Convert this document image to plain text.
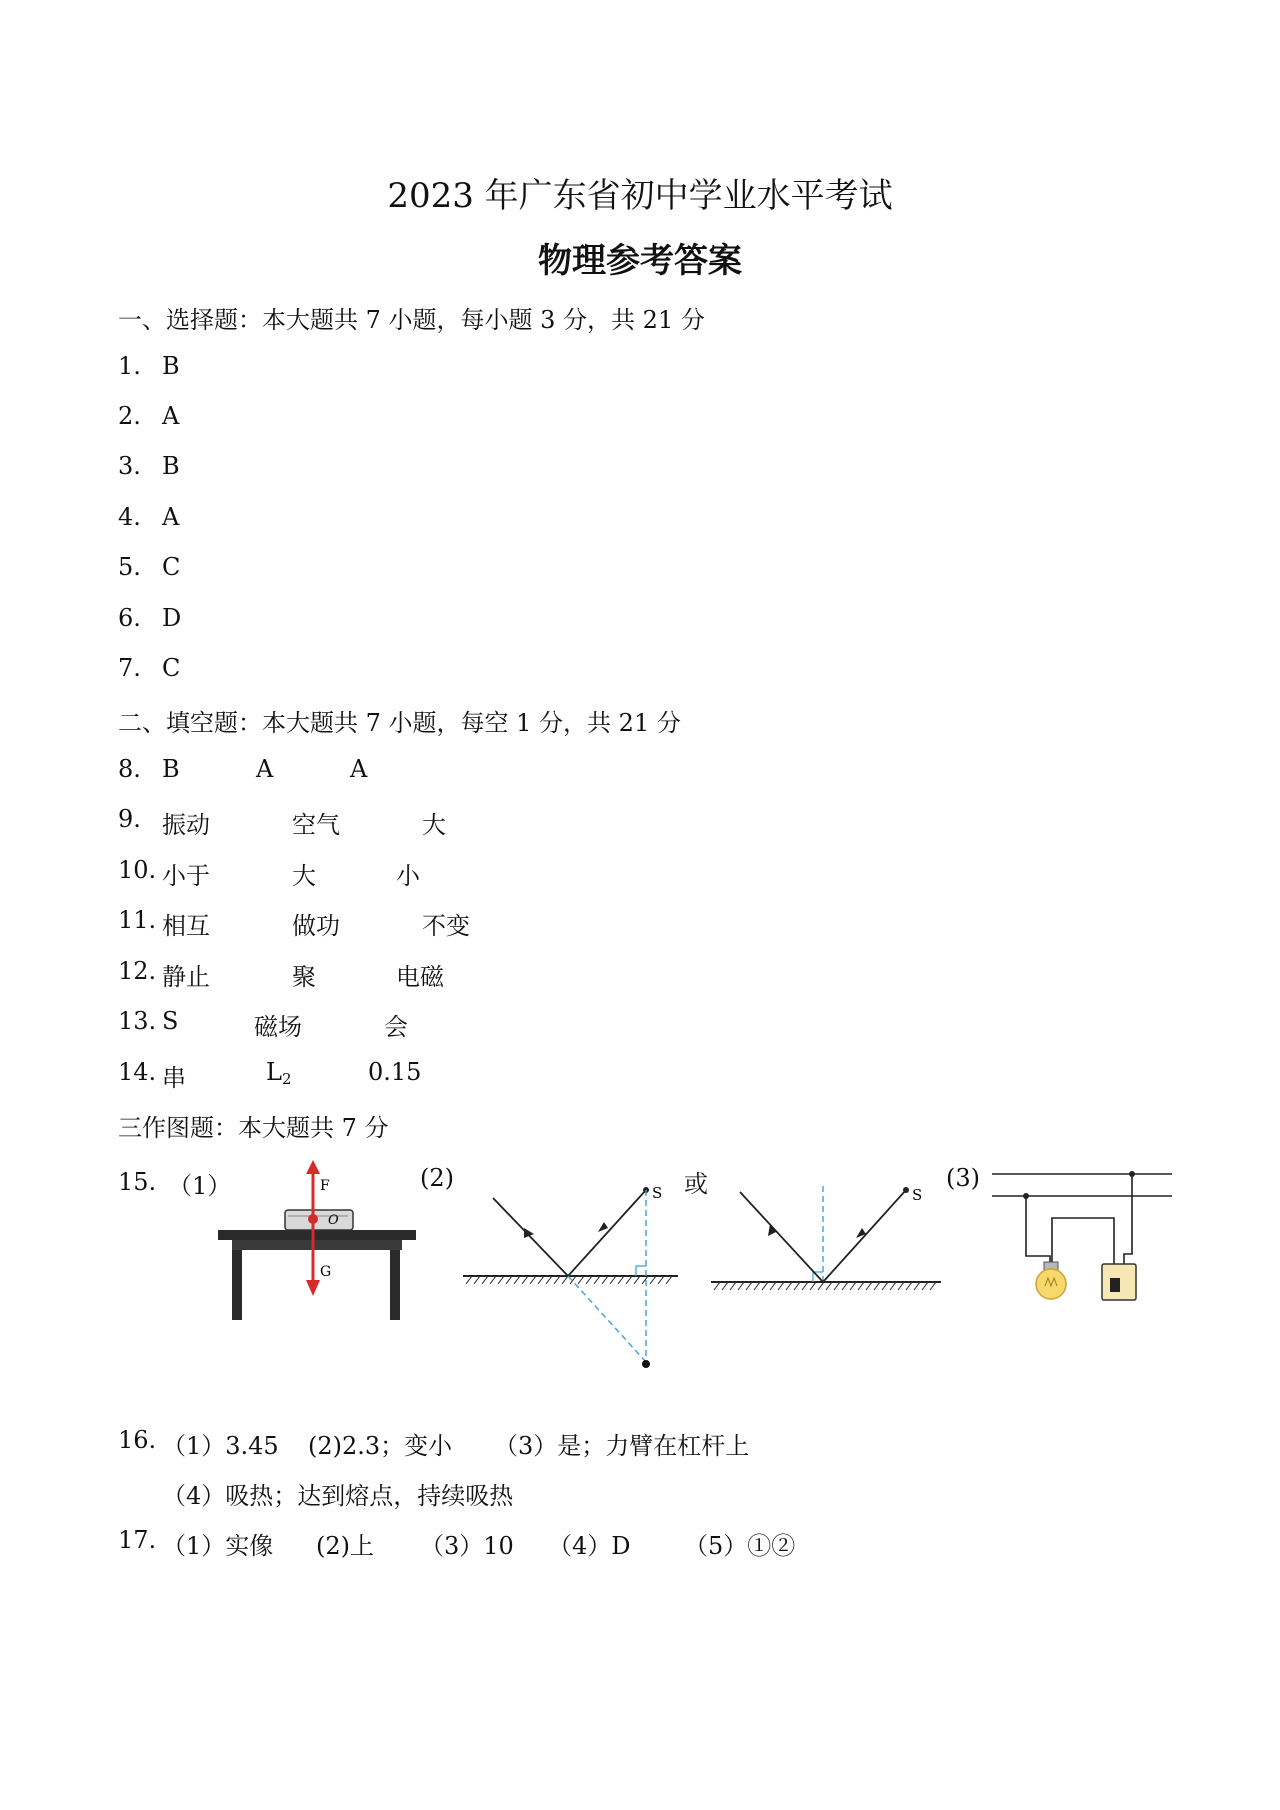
2023 年广东省初中学业水平考试
物理参考答案
一、选择题：本大题共 7 小题，每小题 3 分，共 21 分
1. B
2. A
3. B
4. A
5. C
6. D
7. C
二、填空题：本大题共 7 小题，每空 1 分，共 21 分
8. B	A	A
9. 振动	空气	大
10. 小于	大	小
11. 相互	做功	不变
12. 静止	聚	电磁
13. S	磁场	会
14. 串	$L_2$	0.15
三作图题：本大题共 7 分
15. （1）	(2)	或	(3)
F
O
G
S	S
16. （1）3.45 (2)2.3；变小 （3）是；力臂在杠杆上
（4）吸热；达到熔点，持续吸热
17. （1）实像 (2)上 （3）10 （4）D （5）①②
